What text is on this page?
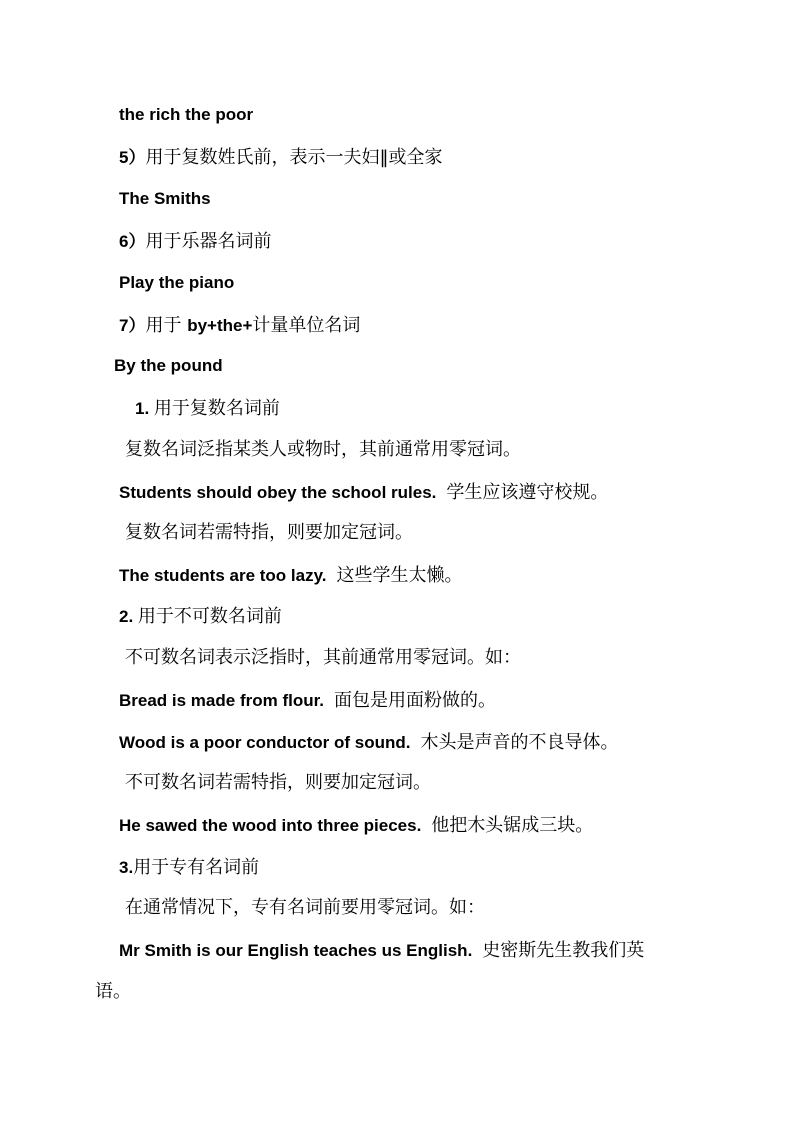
the rich the poor
5）用于复数姓氏前，表示一夫妇‖或全家
The Smiths
6）用于乐器名词前
Play the piano
7）用于 by+the+计量单位名词
By the pound
1. 用于复数名词前
复数名词泛指某类人或物时，其前通常用零冠词。
Students should obey the school rules. 学生应该遵守校规。
复数名词若需特指，则要加定冠词。
The students are too lazy. 这些学生太懒。
2. 用于不可数名词前
不可数名词表示泛指时，其前通常用零冠词。如：
Bread is made from flour. 面包是用面粉做的。
Wood is a poor conductor of sound. 木头是声音的不良导体。
不可数名词若需特指，则要加定冠词。
He sawed the wood into three pieces. 他把木头锯成三块。
3.用于专有名词前
在通常情况下，专有名词前要用零冠词。如：
Mr Smith is our English teaches us English. 史密斯先生教我们英
语。
